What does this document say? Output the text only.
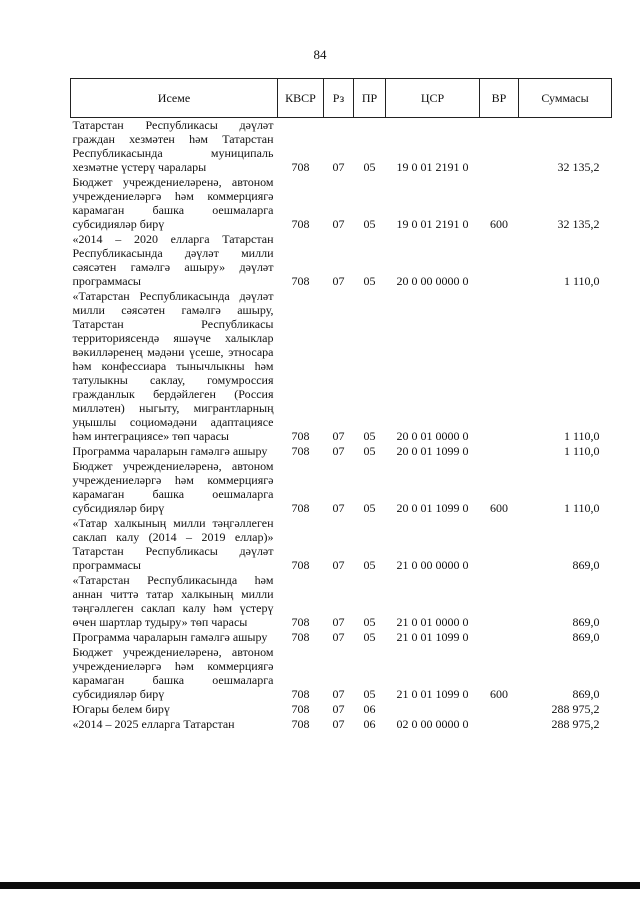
84
Исеме	КВСР	Рз	ПР	ЦСР	ВР	Суммасы
Татарстан Республикасы дәүләт граждан хезмәтен һәм Татарстан Республикасында муниципаль хезмәтне үстерү чаралары	708	07	05	19 0 01 2191 0		32 135,2
Бюджет учреждениеләренә, автоном учреждениеләргә һәм коммерциягә карамаган башка оешмаларга субсидияләр бирү	708	07	05	19 0 01 2191 0	600	32 135,2
«2014 – 2020 елларга Татарстан Республикасында дәүләт милли сәясәтен гамәлгә ашыру» дәүләт программасы	708	07	05	20 0 00 0000 0		1 110,0
«Татарстан Республикасында дәүләт милли сәясәтен гамәлгә ашыру, Татарстан Республикасы территориясендә яшәүче халыклар вәкилләренең мәдәни үсеше, этносара һәм конфессиара тынычлыкны һәм татулыкны саклау, гомумроссия гражданлык бердәйлеген (Россия милләтен) ныгыту, мигрантларның уңышлы социомәдәни адаптациясе һәм интеграциясе» төп чарасы	708	07	05	20 0 01 0000 0		1 110,0
Программа чараларын гамәлгә ашыру	708	07	05	20 0 01 1099 0		1 110,0
Бюджет учреждениеләренә, автоном учреждениеләргә һәм коммерциягә карамаган башка оешмаларга субсидияләр бирү	708	07	05	20 0 01 1099 0	600	1 110,0
«Татар халкының милли тәңгәллеген саклап калу (2014 – 2019 еллар)» Татарстан Республикасы дәүләт программасы	708	07	05	21 0 00 0000 0		869,0
«Татарстан Республикасында һәм аннан читтә татар халкының милли тәңгәллеген саклап калу һәм үстерү өчен шартлар тудыру» төп чарасы	708	07	05	21 0 01 0000 0		869,0
Программа чараларын гамәлгә ашыру	708	07	05	21 0 01 1099 0		869,0
Бюджет учреждениеләренә, автоном учреждениеләргә һәм коммерциягә карамаган башка оешмаларга субсидияләр бирү	708	07	05	21 0 01 1099 0	600	869,0
Югары белем бирү	708	07	06			288 975,2
«2014 – 2025 елларга Татарстан	708	07	06	02 0 00 0000 0		288 975,2
